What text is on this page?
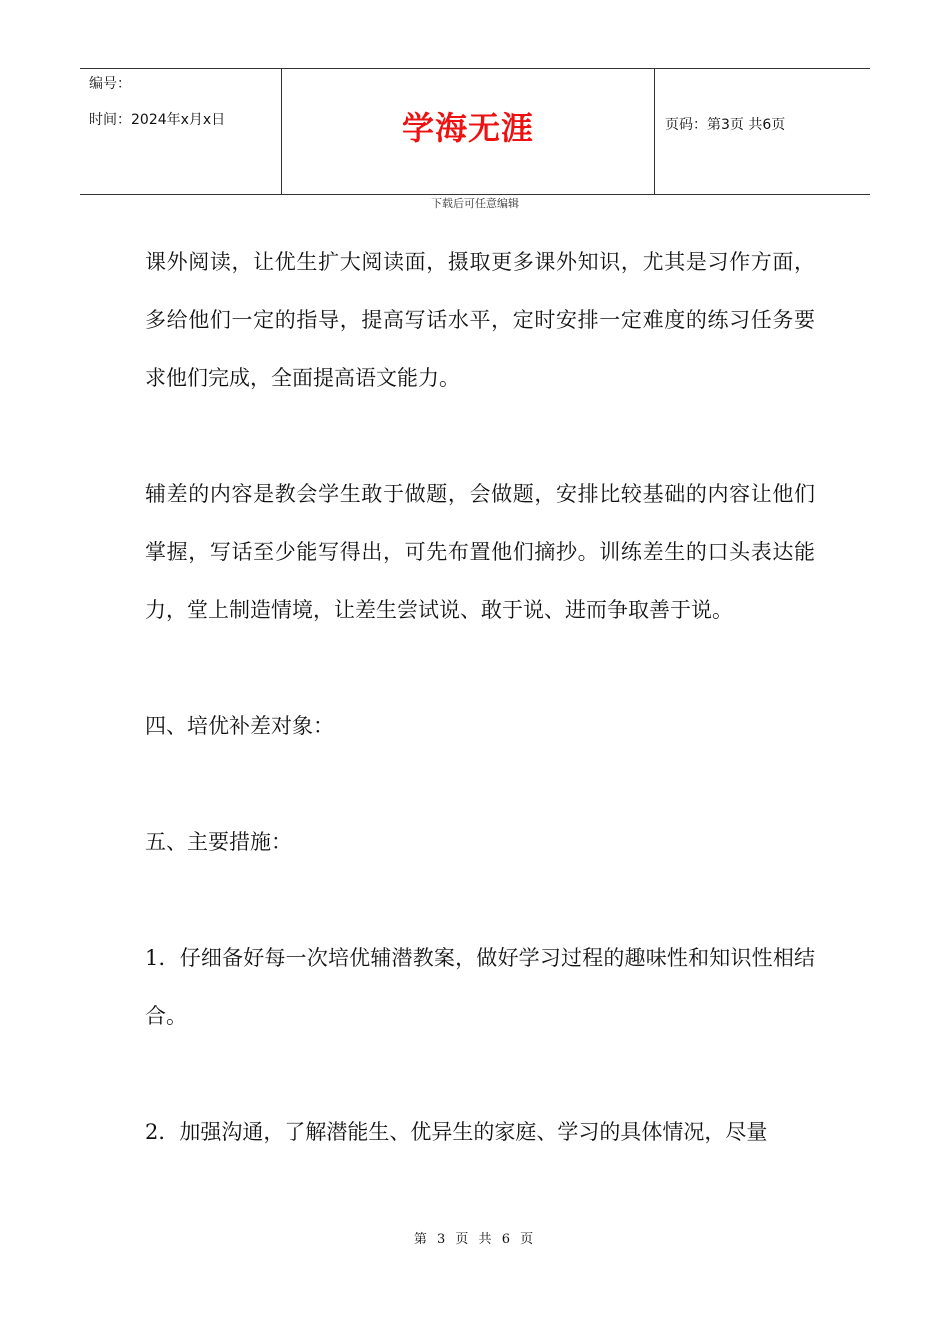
编号：
时间：2024年x月x日	学海无涯	页码：第3页 共6页
下载后可任意编辑

课外阅读，让优生扩大阅读面，摄取更多课外知识，尤其是习作方面，多给他们一定的指导，提高写话水平，定时安排一定难度的练习任务要求他们完成，全面提高语文能力。

辅差的内容是教会学生敢于做题，会做题，安排比较基础的内容让他们掌握，写话至少能写得出，可先布置他们摘抄。训练差生的口头表达能力，堂上制造情境，让差生尝试说、敢于说、进而争取善于说。

四、培优补差对象：

五、主要措施：

1．仔细备好每一次培优辅潜教案，做好学习过程的趣味性和知识性相结合。

2．加强沟通，了解潜能生、优异生的家庭、学习的具体情况，尽量

第 3 页 共 6 页
